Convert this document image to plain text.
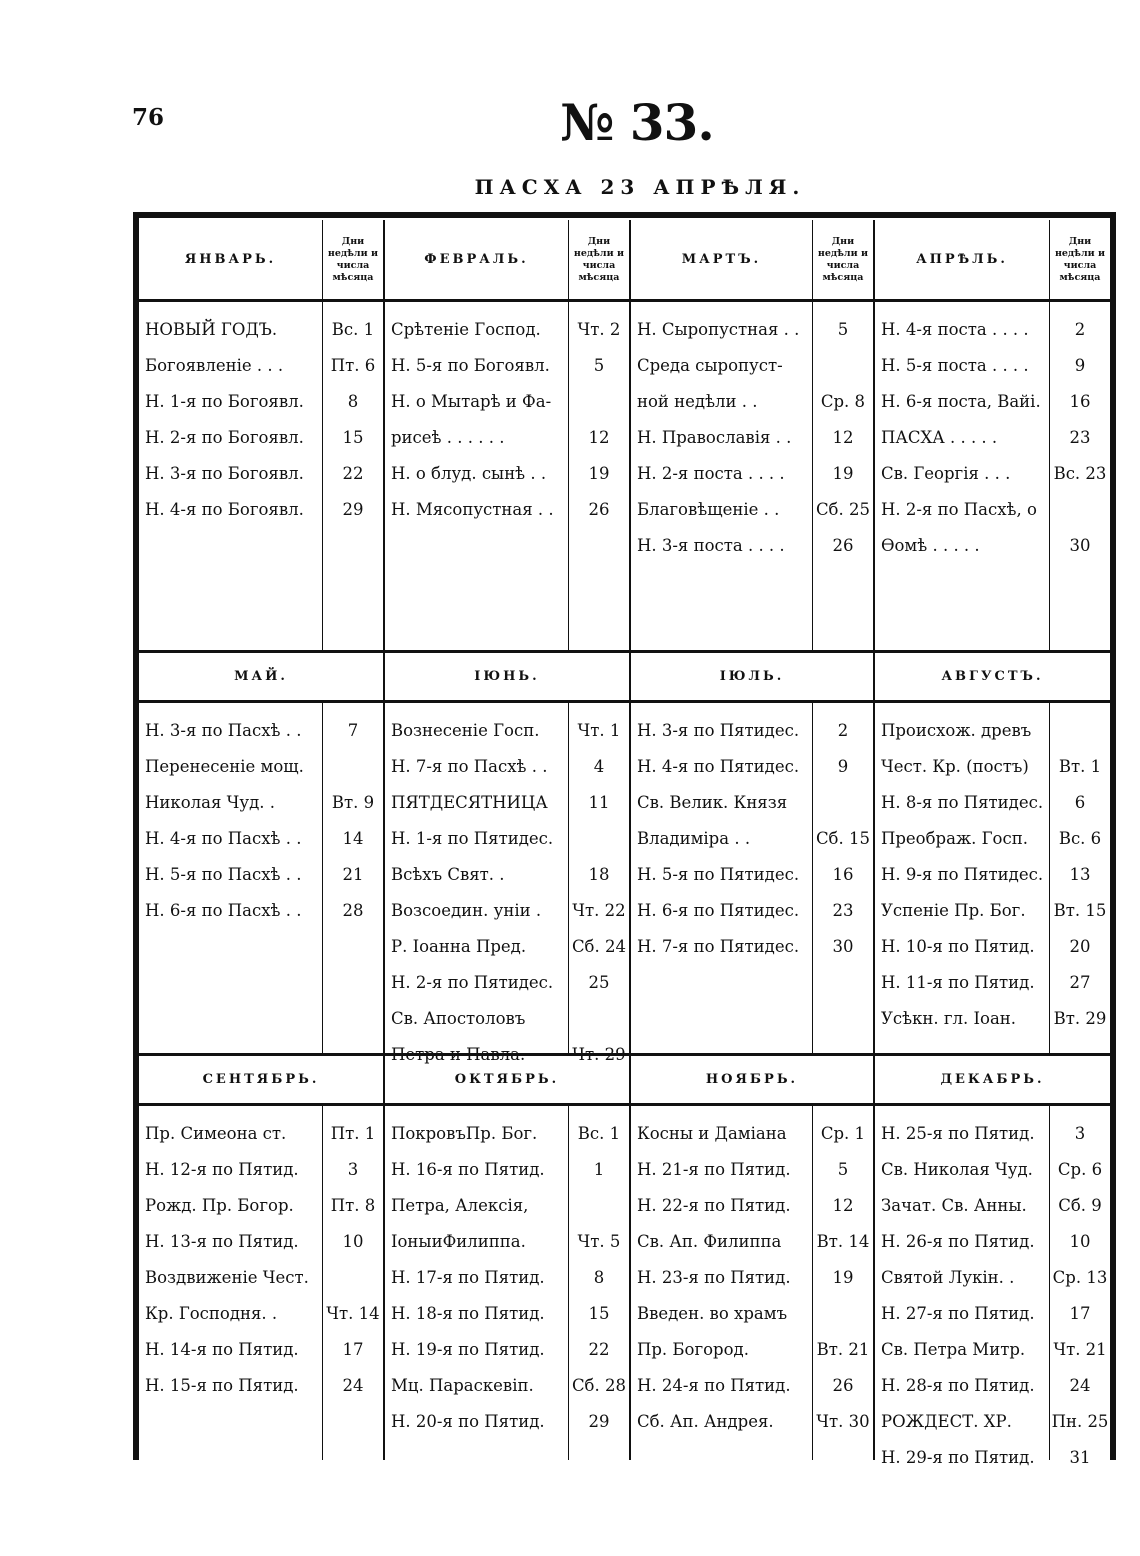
76	№ 33.
ПАСХА 23 АПРѢЛЯ.
ЯНВАРЬ.
Дни недѣли и числа мѣсяца
НОВЫЙ ГОДЪ.
Богоявленіе . . .
Н. 1-я по Богоявл.
Н. 2-я по Богоявл.
Н. 3-я по Богоявл.
Н. 4-я по Богоявл.
Вс. 1
Пт. 6
8
15
22
29
ФЕВРАЛЬ.
Дни недѣли и числа мѣсяца
Срѣтеніе Господ.
Н. 5-я по Богоявл.
Н. о Мытарѣ и Фа-
рисеѣ . . . . . .
Н. о блуд. сынѣ . .
Н. Мясопустная . .
Чт. 2
5
12
19
26
МАРТЪ.
Дни недѣли и числа мѣсяца
Н. Сыропустная . .
Среда сыропуст-
ной недѣли . .
Н. Православія . .
Н. 2-я поста . . . .
Благовѣщеніе . .
Н. 3-я поста . . . .
5
Ср. 8
12
19
Сб. 25
26
АПРѢЛЬ.
Дни недѣли и числа мѣсяца
Н. 4-я поста . . . .
Н. 5-я поста . . . .
Н. 6-я поста, Вайі.
ПАСХА . . . . .
Св. Георгія . . .
Н. 2-я по Пасхѣ, о
Ѳомѣ . . . . .
2
9
16
23
Вс. 23
30
МАЙ.
Н. 3-я по Пасхѣ . .
Перенесеніе мощ.
Николая Чуд. .
Н. 4-я по Пасхѣ . .
Н. 5-я по Пасхѣ . .
Н. 6-я по Пасхѣ . .
7
Вт. 9
14
21
28
ІЮНЬ.
Вознесеніе Госп.
Н. 7-я по Пасхѣ . .
ПЯТДЕСЯТНИЦА
Н. 1-я по Пятидес.
Всѣхъ Свят. .
Возсоедин. уніи .
Р. Іоанна Пред.
Н. 2-я по Пятидес.
Св. Апостоловъ
Чт. 1
4
11
18
Чт. 22
Сб. 24
25
ІЮЛЬ.
Н. 3-я по Пятидес.
Н. 4-я по Пятидес.
Св. Велик. Князя
Владиміра . .
Н. 5-я по Пятидес.
Н. 6-я по Пятидес.
Н. 7-я по Пятидес.
2
9
Сб. 15
16
23
30
АВГУСТЪ.
Происхож. древъ
Чест. Кр. (постъ)
Н. 8-я по Пятидес.
Преображ. Госп.
Н. 9-я по Пятидес.
Успеніе Пр. Бог.
Н. 10-я по Пятид.
Н. 11-я по Пятид.
Усѣкн. гл. Іоан.
Вт. 1
6
Вс. 6
13
Вт. 15
20
27
Вт. 29
СЕНТЯБРЬ.
Пр. Симеона ст.
Н. 12-я по Пятид.
Рожд. Пр. Богор.
Н. 13-я по Пятид.
Воздвиженіе Чест.
Кр. Господня. .
Н. 14-я по Пятид.
Н. 15-я по Пятид.
Пт. 1
3
Пт. 8
10
Чт. 14
17
24
ОКТЯБРЬ.
ПокровъПр. Бог.
Н. 16-я по Пятид.
Петра, Алексія,
ІоныиФилиппа.
Н. 17-я по Пятид.
Н. 18-я по Пятид.
Н. 19-я по Пятид.
Мц. Параскевіп.
Н. 20-я по Пятид.
Вс. 1
1
Чт. 5
8
15
22
Сб. 28
29
НОЯБРЬ.
Косны и Даміана
Н. 21-я по Пятид.
Н. 22-я по Пятид.
Св. Ап. Филиппа
Н. 23-я по Пятид.
Введен. во храмъ
Пр. Богород.
Н. 24-я по Пятид.
Сб. Ап. Андрея.
Ср. 1
5
12
Вт. 14
19
Вт. 21
26
Чт. 30
ДЕКАБРЬ.
Н. 25-я по Пятид.
Св. Николая Чуд.
Зачат. Св. Анны.
Н. 26-я по Пятид.
Святой Лукін. .
Н. 27-я по Пятид.
Св. Петра Митр.
Н. 28-я по Пятид.
РОЖДЕСТ. ХР.
Н. 29-я по Пятид.
3
Ср. 6
Сб. 9
10
Ср. 13
17
Чт. 21
24
Пн. 25
31
